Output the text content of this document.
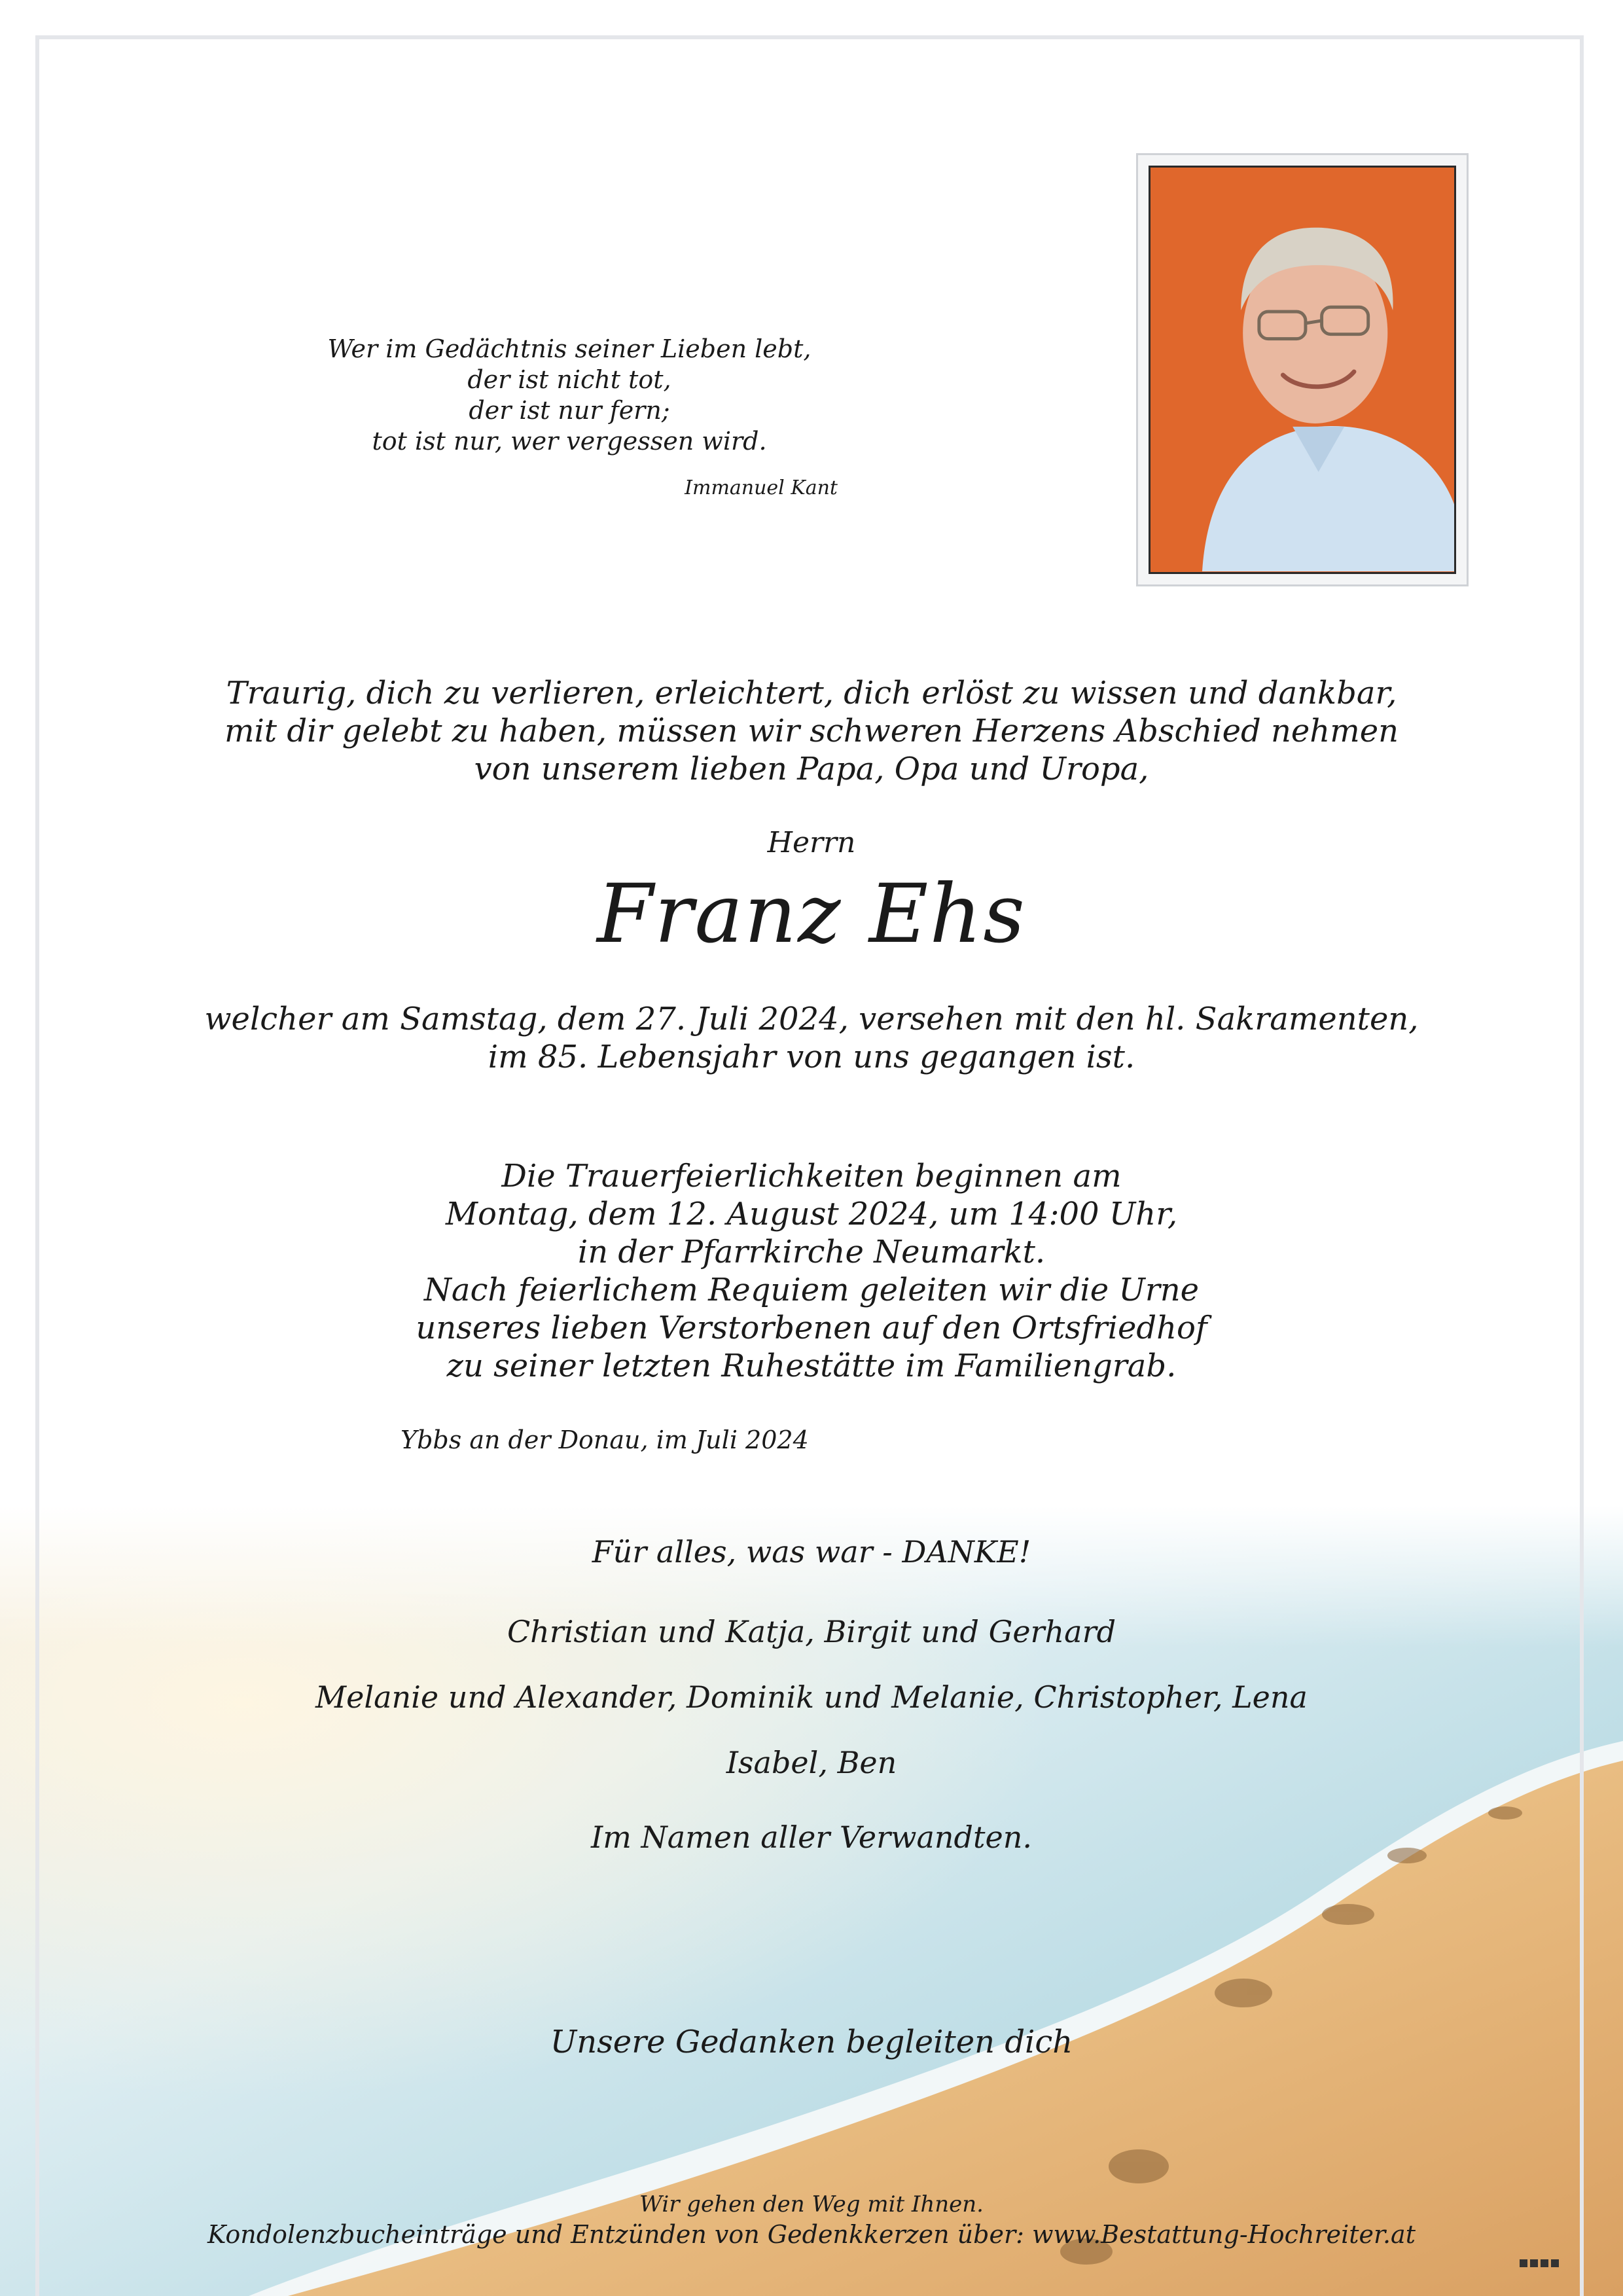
Wer im Gedächtnis seiner Lieben lebt,
der ist nicht tot,
der ist nur fern;
tot ist nur, wer vergessen wird.
Immanuel Kant
Traurig, dich zu verlieren, erleichtert, dich erlöst zu wissen und dankbar,
mit dir gelebt zu haben, müssen wir schweren Herzens Abschied nehmen
von unserem lieben Papa, Opa und Uropa,
Herrn
Franz Ehs
welcher am Samstag, dem 27. Juli 2024, versehen mit den hl. Sakramenten,
im 85. Lebensjahr von uns gegangen ist.
Die Trauerfeierlichkeiten beginnen am
Montag, dem 12. August 2024, um 14:00 Uhr,
in der Pfarrkirche Neumarkt.
Nach feierlichem Requiem geleiten wir die Urne
unseres lieben Verstorbenen auf den Ortsfriedhof
zu seiner letzten Ruhestätte im Familiengrab.
Ybbs an der Donau, im Juli 2024
Für alles, was war - DANKE!
Christian und Katja, Birgit und Gerhard
Melanie und Alexander, Dominik und Melanie, Christopher, Lena
Isabel, Ben
Im Namen aller Verwandten.
Unsere Gedanken begleiten dich
Wir gehen den Weg mit Ihnen.
Kondolenzbucheinträge und Entzünden von Gedenkkerzen über: www.Bestattung-Hochreiter.at
